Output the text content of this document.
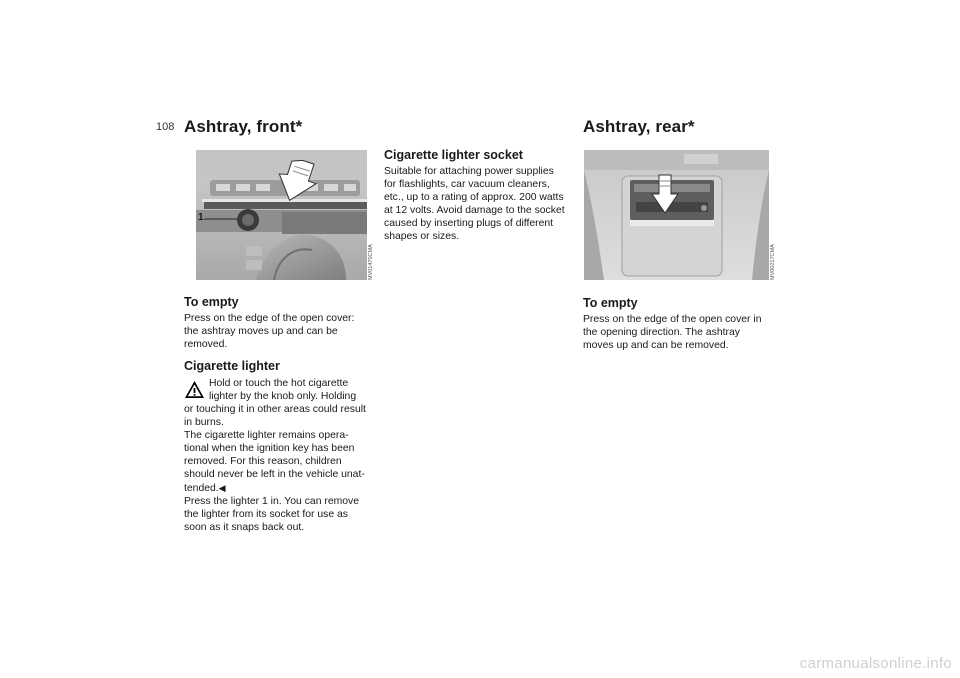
108 Ashtray, front*
1
MV01470CMA
To empty
Press on the edge of the open cover:
the ashtray moves up and can be
removed.
Cigarette lighter
Hold or touch the hot cigarette
lighter by the knob only. Holding
or touching it in other areas could result
in burns.
The cigarette lighter remains opera-
tional when the ignition key has been
removed. For this reason, children
should never be left in the vehicle unat-
tended.◀
Press the lighter 1 in. You can remove
the lighter from its socket for use as
soon as it snaps back out.
Cigarette lighter socket
Suitable for attaching power supplies
for flashlights, car vacuum cleaners,
etc., up to a rating of approx. 200 watts
at 12 volts. Avoid damage to the socket
caused by inserting plugs of different
shapes or sizes.
Ashtray, rear*
MV00217CMA
To empty
Press on the edge of the open cover in
the opening direction. The ashtray
moves up and can be removed.
carmanualsonline.info
